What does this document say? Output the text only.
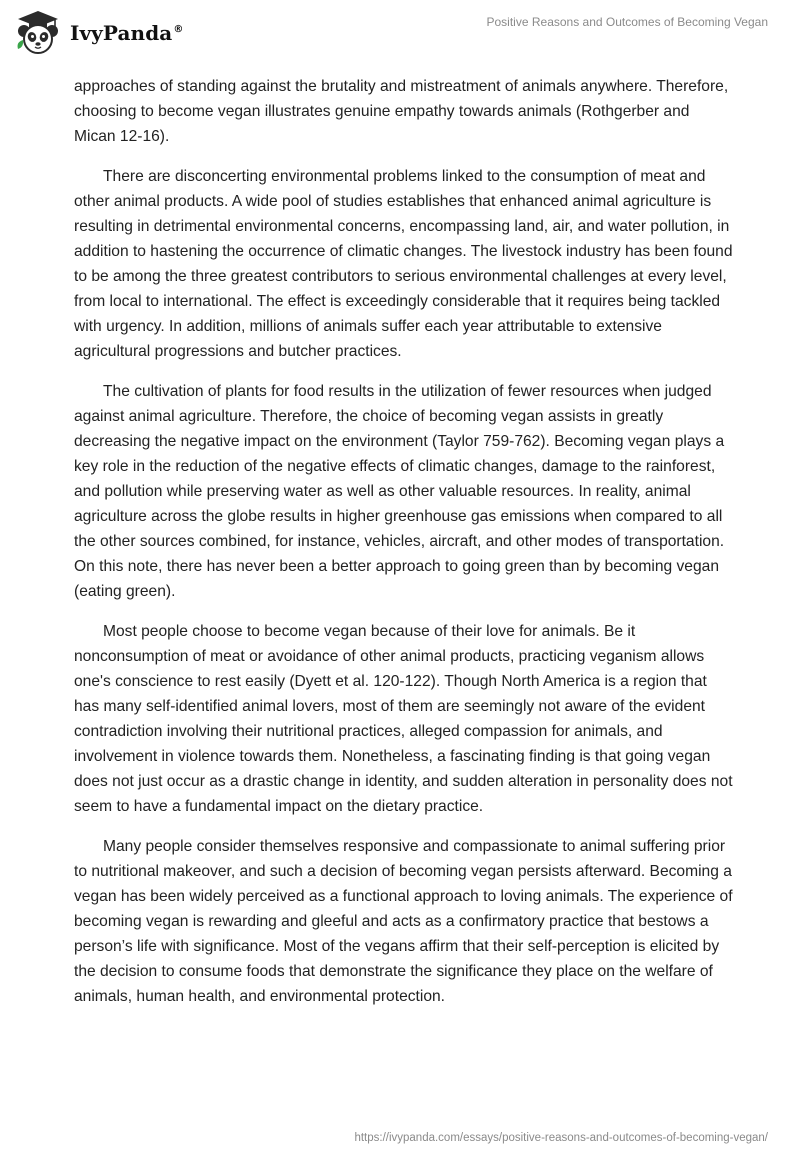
IvyPanda®
Positive Reasons and Outcomes of Becoming Vegan

approaches of standing against the brutality and mistreatment of animals anywhere. Therefore, choosing to become vegan illustrates genuine empathy towards animals (Rothgerber and Mican 12-16).

There are disconcerting environmental problems linked to the consumption of meat and other animal products. A wide pool of studies establishes that enhanced animal agriculture is resulting in detrimental environmental concerns, encompassing land, air, and water pollution, in addition to hastening the occurrence of climatic changes. The livestock industry has been found to be among the three greatest contributors to serious environmental challenges at every level, from local to international. The effect is exceedingly considerable that it requires being tackled with urgency. In addition, millions of animals suffer each year attributable to extensive agricultural progressions and butcher practices.

The cultivation of plants for food results in the utilization of fewer resources when judged against animal agriculture. Therefore, the choice of becoming vegan assists in greatly decreasing the negative impact on the environment (Taylor 759-762). Becoming vegan plays a key role in the reduction of the negative effects of climatic changes, damage to the rainforest, and pollution while preserving water as well as other valuable resources. In reality, animal agriculture across the globe results in higher greenhouse gas emissions when compared to all the other sources combined, for instance, vehicles, aircraft, and other modes of transportation. On this note, there has never been a better approach to going green than by becoming vegan (eating green).

Most people choose to become vegan because of their love for animals. Be it nonconsumption of meat or avoidance of other animal products, practicing veganism allows one's conscience to rest easily (Dyett et al. 120-122). Though North America is a region that has many self-identified animal lovers, most of them are seemingly not aware of the evident contradiction involving their nutritional practices, alleged compassion for animals, and involvement in violence towards them. Nonetheless, a fascinating finding is that going vegan does not just occur as a drastic change in identity, and sudden alteration in personality does not seem to have a fundamental impact on the dietary practice.

Many people consider themselves responsive and compassionate to animal suffering prior to nutritional makeover, and such a decision of becoming vegan persists afterward. Becoming a vegan has been widely perceived as a functional approach to loving animals. The experience of becoming vegan is rewarding and gleeful and acts as a confirmatory practice that bestows a person’s life with significance. Most of the vegans affirm that their self-perception is elicited by the decision to consume foods that demonstrate the significance they place on the welfare of animals, human health, and environmental protection.

https://ivypanda.com/essays/positive-reasons-and-outcomes-of-becoming-vegan/
